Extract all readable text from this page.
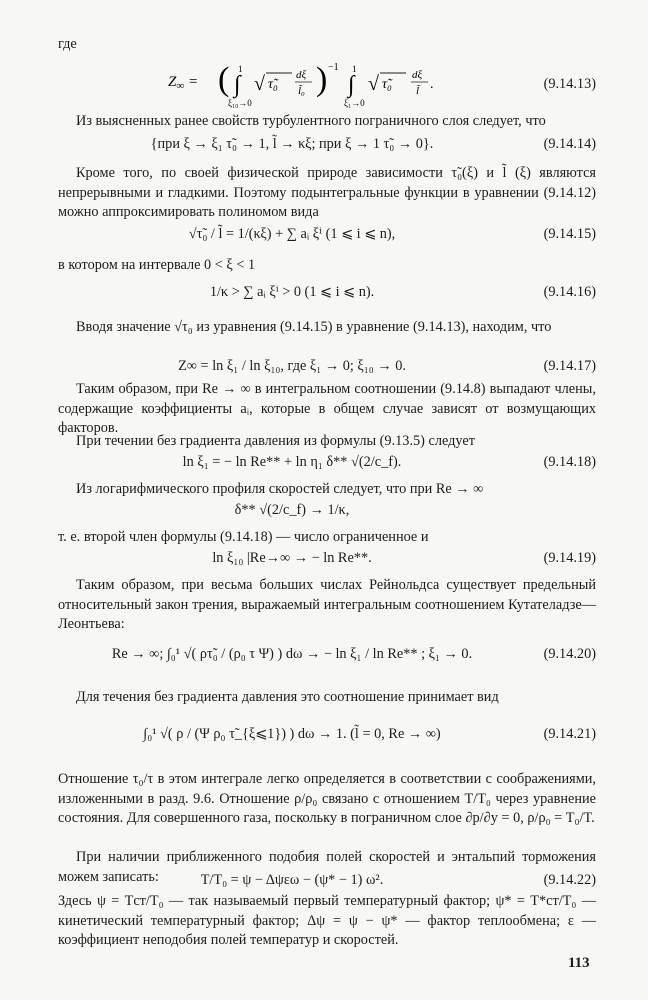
где
$Z_\infty$ = ( ∫
1
ξ₁₀→0
√ τ̃₀
dξ
l̃₀ ) −1
∫
1
ξ₁→0
√ τ̃₀
dξ
l̃ .	(9.14.13)

Из выясненных ранее свойств турбулентного пограничного слоя следует, что

{при ξ → ξ₁ τ̃₀ → 1, l̃ → κξ; при ξ → 1 τ̃₀ → 0}.	(9.14.14)

Кроме того, по своей физической природе зависимости τ̃₀(ξ) и l̃ (ξ) являются непрерывными и гладкими. Поэтому подынтегральные функции в уравнении (9.14.12) можно аппроксимировать полиномом вида

√τ̃₀ / l̃ = 1/(κξ) + ∑ aᵢ ξⁱ (1 ⩽ i ⩽ n),	(9.14.15)

в котором на интервале 0 < ξ < 1

1/κ > ∑ aᵢ ξⁱ > 0 (1 ⩽ i ⩽ n).	(9.14.16)

Вводя значение √τ₀ из уравнения (9.14.15) в уравнение (9.14.13), находим, что

Z∞ = ln ξ₁ / ln ξ₁₀, где ξ₁ → 0; ξ₁₀ → 0.	(9.14.17)

Таким образом, при Re → ∞ в интегральном соотношении (9.14.8) выпадают члены, содержащие коэффициенты aᵢ, которые в общем случае зависят от возмущающих факторов.

При течении без градиента давления из формулы (9.13.5) следует

ln ξ₁ = − ln Re** + ln η₁ δ** √(2/c_f).	(9.14.18)

Из логарифмического профиля скоростей следует, что при Re → ∞

δ** √(2/c_f) → 1/κ,

т. е. второй член формулы (9.14.18) — число ограниченное и

ln ξ₁₀ |Re→∞ → − ln Re**.	(9.14.19)

Таким образом, при весьма больших числах Рейнольдса существует предельный относительный закон трения, выражаемый интегральным соотношением Кутателадзе—Леонтьева:

Re → ∞; ∫₀¹ √( ρτ̃₀ / (ρ₀ τ Ψ) ) dω → − ln ξ₁ / ln Re** ; ξ₁ → 0.	(9.14.20)

Для течения без градиента давления это соотношение принимает вид

∫₀¹ √( ρ / (Ψ ρ₀ τ̃_{ξ⩽1}) ) dω → 1. (l̃ = 0, Re → ∞)	(9.14.21)

Отношение τ₀/τ в этом интеграле легко определяется в соответствии с соображениями, изложенными в разд. 9.6. Отношение ρ/ρ₀ связано с отношением T/T₀ через уравнение состояния. Для совершенного газа, поскольку в пограничном слое ∂p/∂y = 0, ρ/ρ₀ = T₀/T.

При наличии приближенного подобия полей скоростей и энтальпий торможения можем записать:	T/T₀ = ψ − Δψεω − (ψ* − 1) ω².	(9.14.22)

Здесь ψ = Tст/T₀ — так называемый первый температурный фактор; ψ* = T*ст/T₀ — кинетический температурный фактор; Δψ = ψ − ψ* — фактор теплообмена; ε — коэффициент неподобия полей температур и скоростей.

113
